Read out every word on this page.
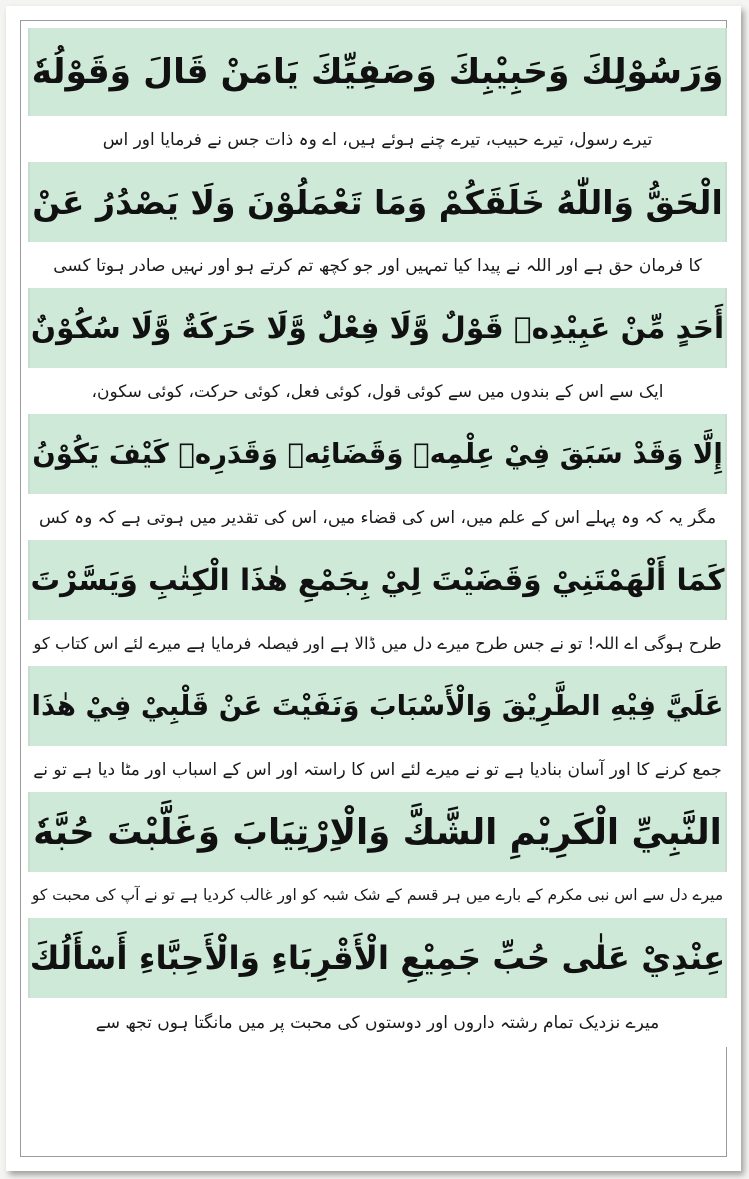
وَرَسُوْلِكَ وَحَبِيْبِكَ وَصَفِيِّكَ يَامَنْ قَالَ وَقَوْلُهٗ
تیرے رسول، تیرے حبیب، تیرے چنے ہوئے ہیں، اے وہ ذات جس نے فرمایا اور اس
الْحَقُّ وَاللّٰهُ خَلَقَكُمْ وَمَا تَعْمَلُوْنَ وَلَا يَصْدُرُ عَنْ
کا فرمان حق ہے اور اللہ نے پیدا کیا تمہیں اور جو کچھ تم کرتے ہو اور نہیں صادر ہوتا کسی
أَحَدٍ مِّنْ عَبِيْدِهٖ قَوْلٌ وَّلَا فِعْلٌ وَّلَا حَرَكَةٌ وَّلَا سُكُوْنٌ
ایک سے اس کے بندوں میں سے کوئی قول، کوئی فعل، کوئی حرکت، کوئی سکون،
إِلَّا وَقَدْ سَبَقَ فِيْ عِلْمِهٖ وَقَضَائِهٖ وَقَدَرِهٖ كَيْفَ يَكُوْنُ
مگر یہ کہ وہ پہلے اس کے علم میں، اس کی قضاء میں، اس کی تقدیر میں ہوتی ہے کہ وہ کس
كَمَا أَلْهَمْتَنِيْ وَقَضَيْتَ لِيْ بِجَمْعِ هٰذَا الْكِتٰبِ وَيَسَّرْتَ
طرح ہوگی اے اللہ! تو نے جس طرح میرے دل میں ڈالا ہے اور فیصلہ فرمایا ہے میرے لئے اس کتاب کو
عَلَيَّ فِيْهِ الطَّرِيْقَ وَالْأَسْبَابَ وَنَفَيْتَ عَنْ قَلْبِيْ فِيْ هٰذَا
جمع کرنے کا اور آسان بنادیا ہے تو نے میرے لئے اس کا راستہ اور اس کے اسباب اور مٹا دیا ہے تو نے
النَّبِيِّ الْكَرِيْمِ الشَّكَّ وَالْاِرْتِيَابَ وَغَلَّبْتَ حُبَّهٗ
میرے دل سے اس نبی مکرم کے بارے میں ہر قسم کے شک شبہ کو اور غالب کردیا ہے تو نے آپ کی محبت کو
عِنْدِيْ عَلٰى حُبِّ جَمِيْعِ الْأَقْرِبَاءِ وَالْأَحِبَّاءِ أَسْأَلُكَ
میرے نزدیک تمام رشتہ داروں اور دوستوں کی محبت پر میں مانگتا ہوں تجھ سے
